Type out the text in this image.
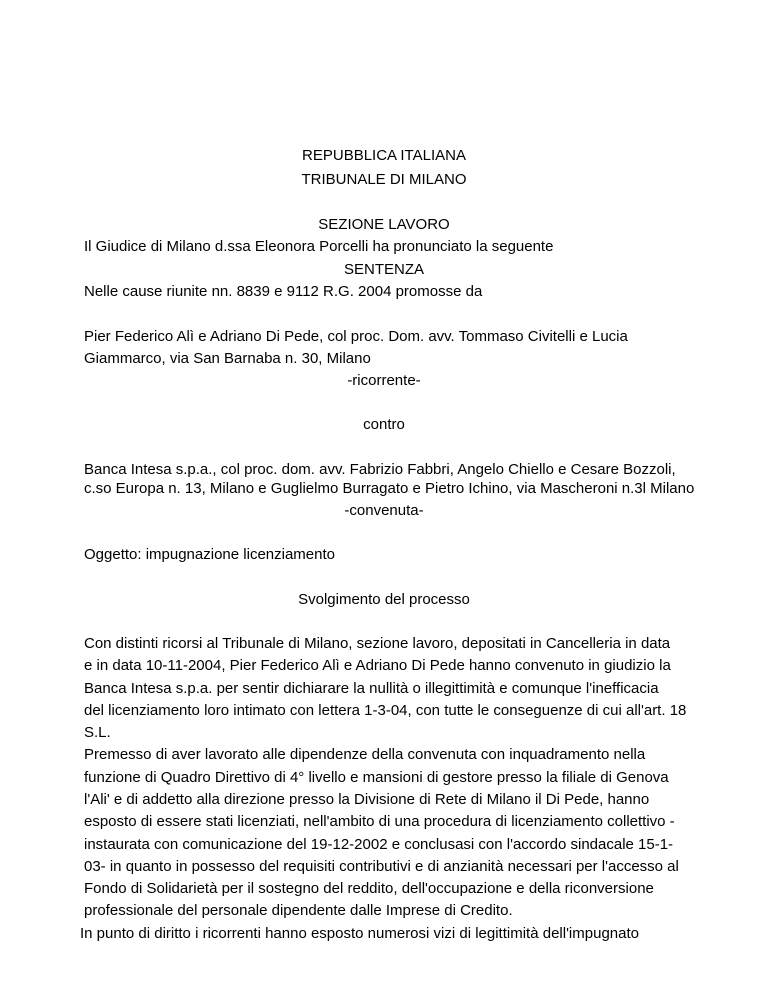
REPUBBLICA ITALIANA
TRIBUNALE DI MILANO
SEZIONE LAVORO
Il Giudice di Milano d.ssa Eleonora Porcelli ha pronunciato la seguente
SENTENZA
Nelle cause riunite nn. 8839 e 9112 R.G. 2004 promosse da
Pier Federico Alì e Adriano Di Pede, col proc. Dom. avv. Tommaso Civitelli e Lucia
Giammarco, via San Barnaba n. 30, Milano
-ricorrente-
contro
Banca Intesa s.p.a., col proc. dom. avv. Fabrizio Fabbri, Angelo Chiello e Cesare Bozzoli,
c.so Europa n. 13, Milano e Guglielmo Burragato e Pietro Ichino, via Mascheroni n.3l Milano
-convenuta-
Oggetto: impugnazione licenziamento
Svolgimento del processo
Con distinti ricorsi al Tribunale di Milano, sezione lavoro, depositati in Cancelleria in data
e in data 10-11-2004, Pier Federico Alì e Adriano Di Pede hanno convenuto in giudizio la
Banca Intesa s.p.a. per sentir dichiarare la nullità o illegittimità e comunque l'inefficacia
del licenziamento loro intimato con lettera 1-3-04, con tutte le conseguenze di cui all'art. 18
S.L.
Premesso di aver lavorato alle dipendenze della convenuta con inquadramento nella
funzione di Quadro Direttivo di 4° livello e mansioni di gestore presso la filiale di Genova
l'Ali' e di addetto alla direzione presso la Divisione di Rete di Milano il Di Pede, hanno
esposto di essere stati licenziati, nell'ambito di una procedura di licenziamento collettivo -
instaurata con comunicazione del 19-12-2002 e conclusasi con l'accordo sindacale 15-1-
03- in quanto in possesso del requisiti contributivi e di anzianità necessari per l'accesso al
Fondo di Solidarietà per il sostegno del reddito, dell'occupazione e della riconversione
professionale del personale dipendente dalle Imprese di Credito.
In punto di diritto i ricorrenti hanno esposto numerosi vizi di legittimità dell'impugnato
